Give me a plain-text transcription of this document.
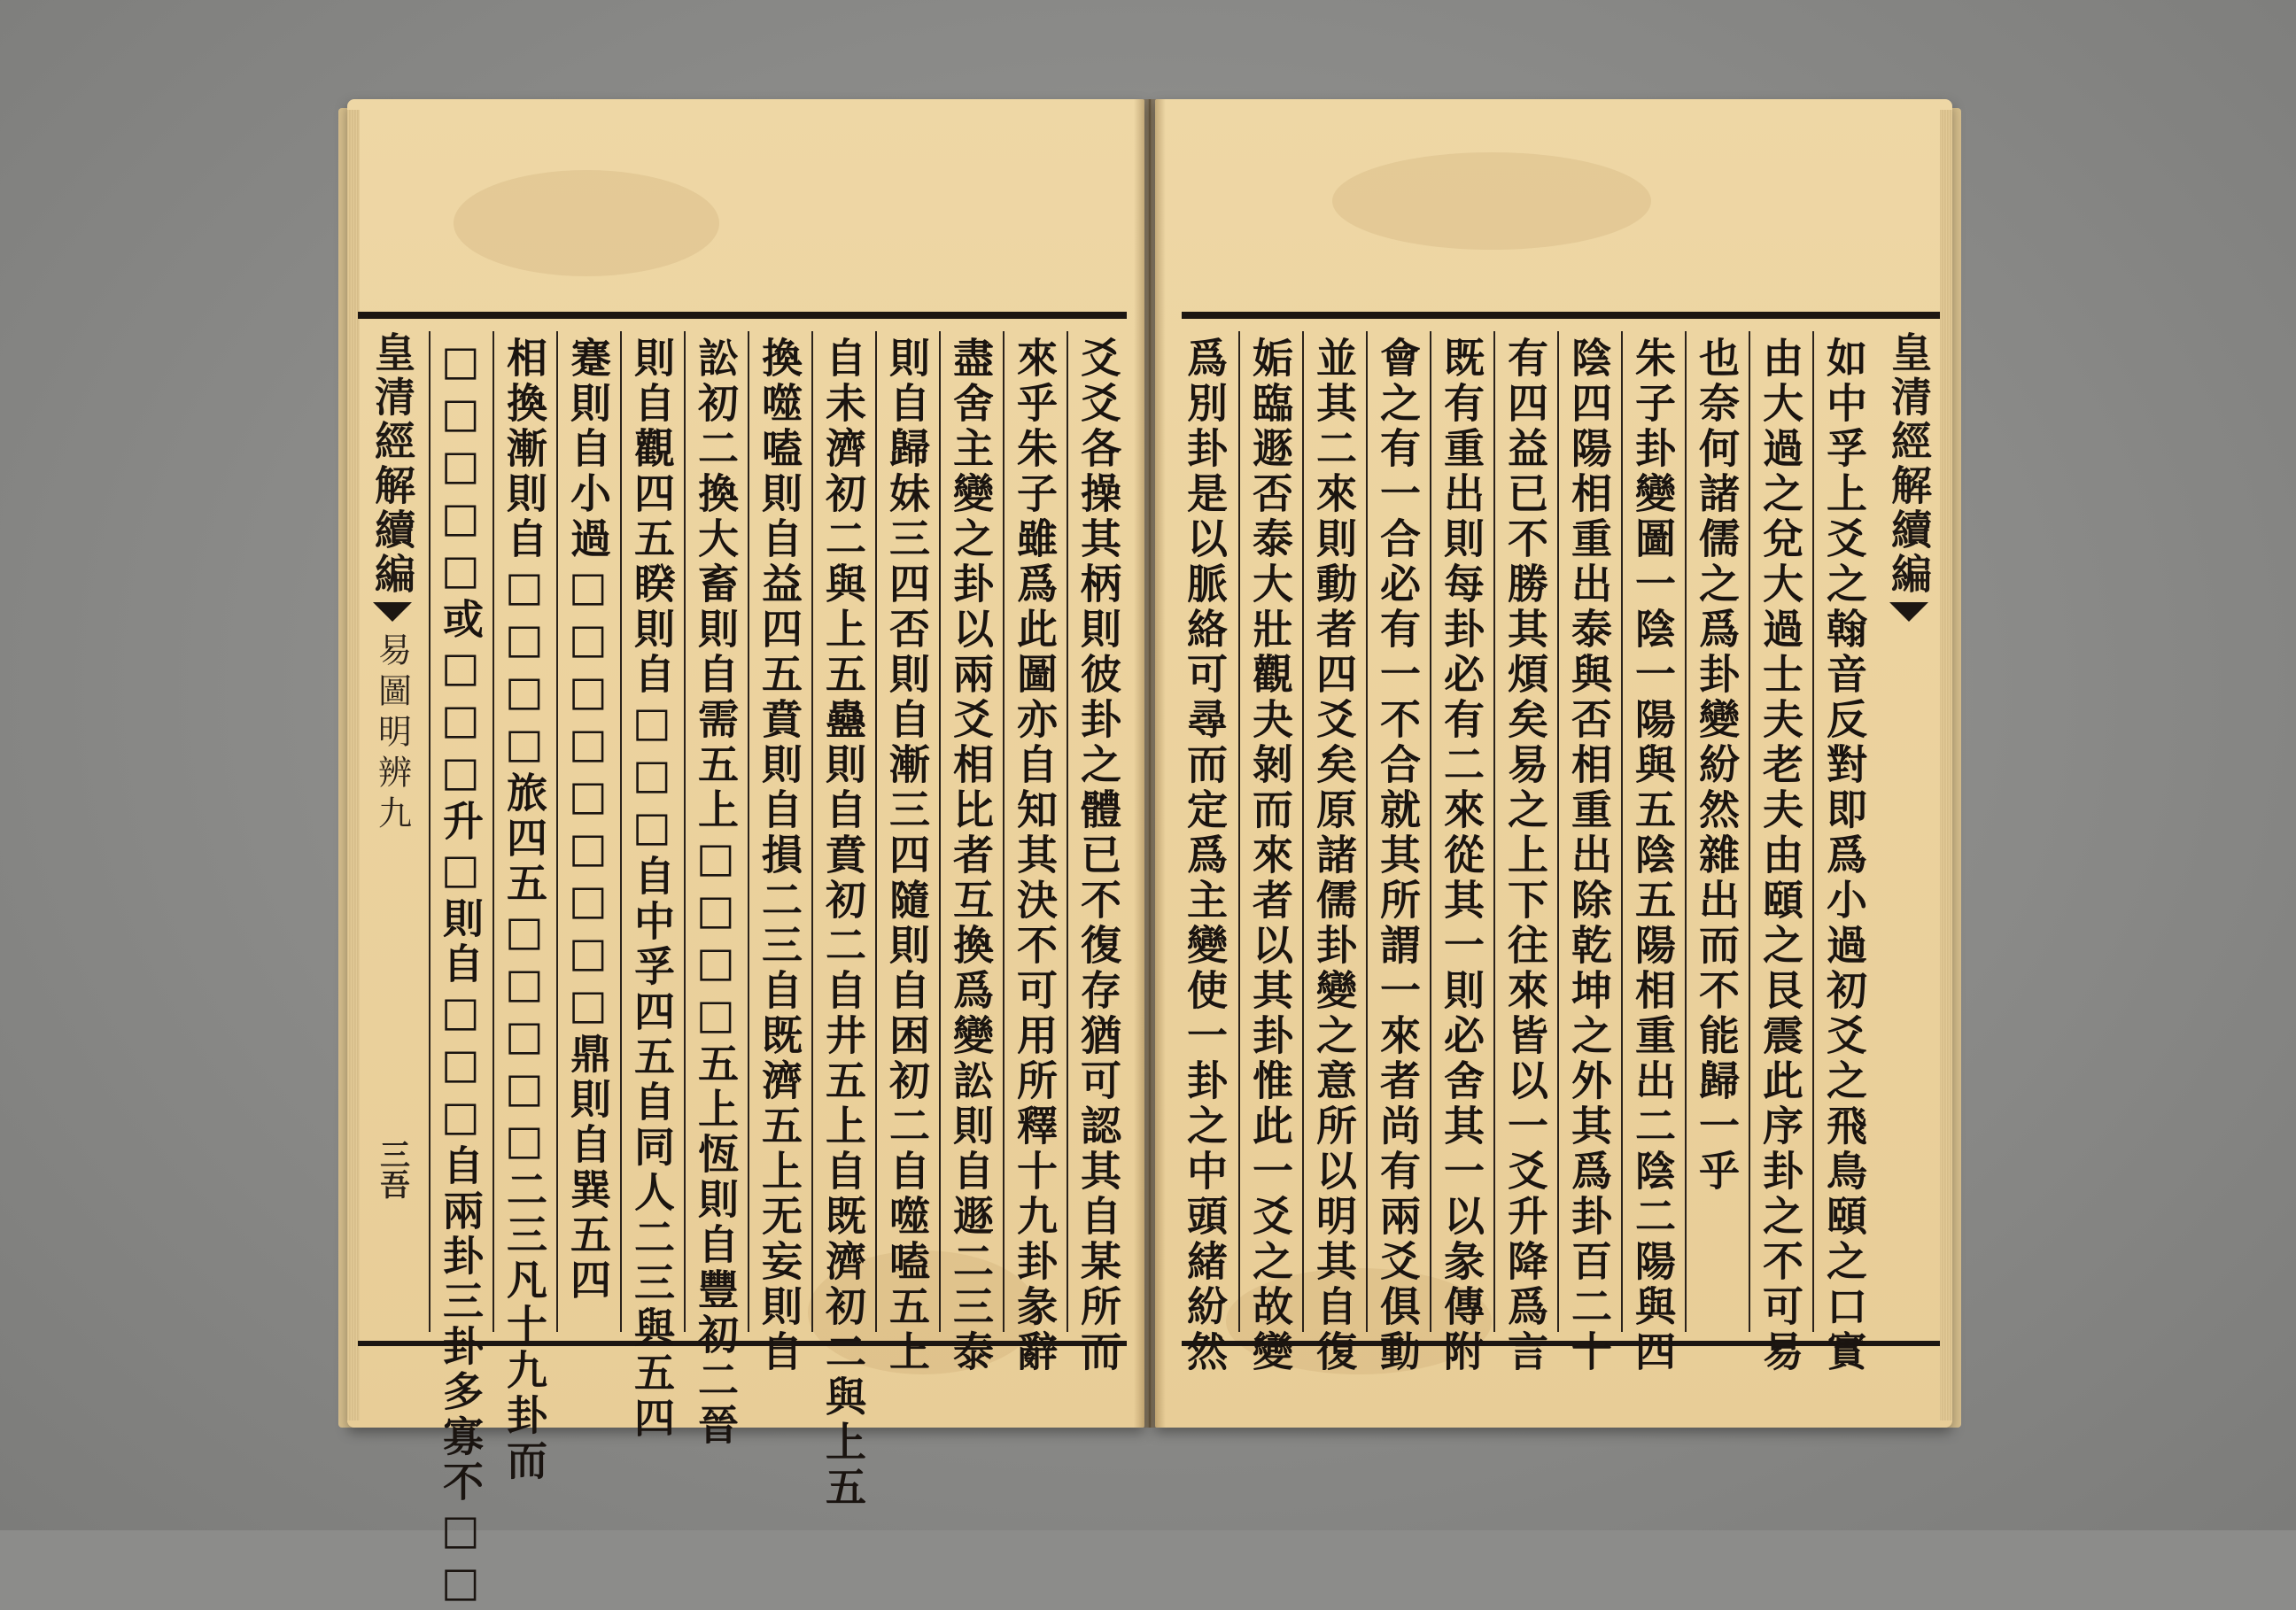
爻爻各操其柄則彼卦之體已不復存猶可認其自某所而
來乎朱子雖爲此圖亦自知其決不可用所釋十九卦彖辭
盡舍主變之卦以兩爻相比者互換爲變訟則自遯二三泰
則自歸妹三四否則自漸三四隨則自困初二自噬嗑五上
自未濟初二與上五蠱則自賁初二自井五上自既濟初二與上五
換噬嗑則自益四五賁則自損二三自既濟五上无妄則自
訟初二換大畜則自需五上□□□□五上恆則自豐初二晉
則自觀四五睽則自□□□自中孚四五自同人二三與五四
蹇則自小過□□□□□□□□□鼎則自巽五四
相換漸則自□□□□旅四五□□□□□二三凡十九卦而
□□□□□或□□□升□則自□□□自兩卦三卦多寡不□□
皇清經解續編
易圖明辨九
三吾	如中孚上爻之翰音反對即爲小過初爻之飛鳥頤之口實
由大過之兌大過士夫老夫由頤之艮震此序卦之不可易
也奈何諸儒之爲卦變紛然雜出而不能歸一乎
朱子卦變圖一陰一陽與五陰五陽相重出二陰二陽與四
陰四陽相重出泰與否相重出除乾坤之外其爲卦百二十
有四益已不勝其煩矣易之上下往來皆以一爻升降爲言
既有重出則每卦必有二來從其一則必舍其一以彖傳附
會之有一合必有一不合就其所謂一來者尚有兩爻俱動
並其二來則動者四爻矣原諸儒卦變之意所以明其自復
姤臨遯否泰大壯觀夬剝而來者以其卦惟此一爻之故變
爲別卦是以脈絡可尋而定爲主變使一卦之中頭緒紛然	皇清經解續編
